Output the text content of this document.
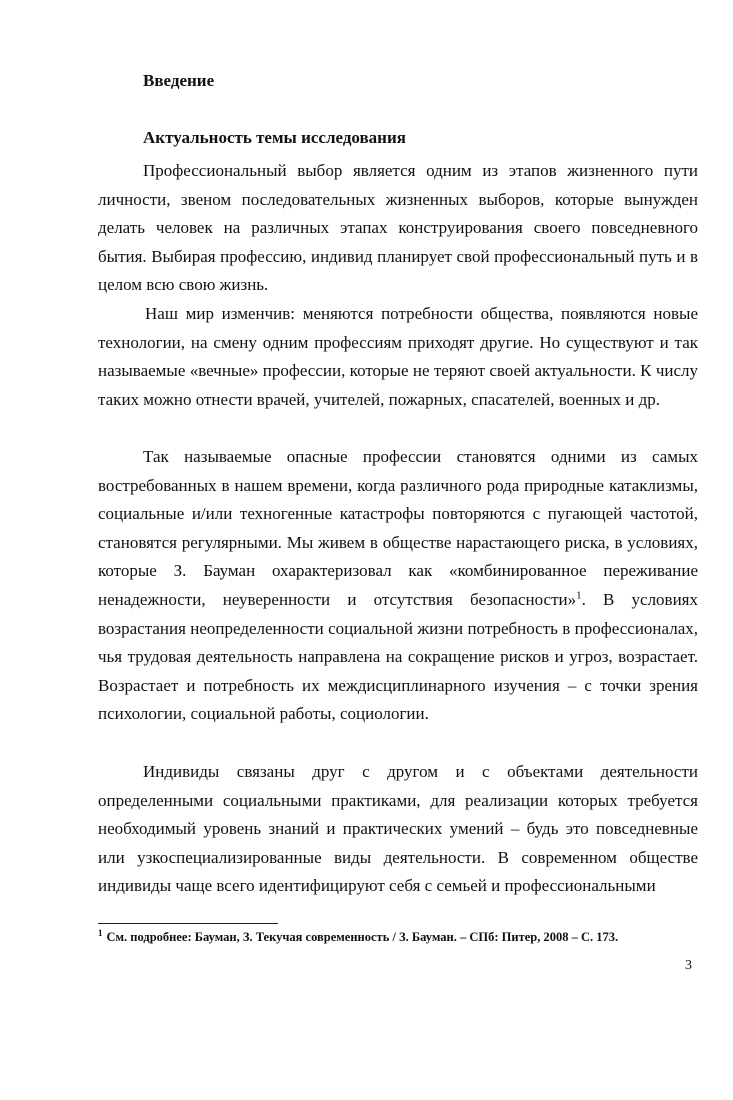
Введение
Актуальность темы исследования

Профессиональный выбор является одним из этапов жизненного пути личности, звеном последовательных жизненных выборов, которые вынужден делать человек на различных этапах конструирования своего повседневного бытия. Выбирая профессию, индивид планирует свой профессиональный путь и в целом всю свою жизнь.

Наш мир изменчив: меняются потребности общества, появляются новые технологии, на смену одним профессиям приходят другие. Но существуют и так называемые «вечные» профессии, которые не теряют своей актуальности. К числу таких можно отнести врачей, учителей, пожарных, спасателей, военных и др.

Так называемые опасные профессии становятся одними из самых востребованных в нашем времени, когда различного рода природные катаклизмы, социальные и/или техногенные катастрофы повторяются с пугающей частотой, становятся регулярными. Мы живем в обществе нарастающего риска, в условиях, которые З. Бауман охарактеризовал как «комбинированное переживание ненадежности, неуверенности и отсутствия безопасности»$^1$. В условиях возрастания неопределенности социальной жизни потребность в профессионалах, чья трудовая деятельность направлена на сокращение рисков и угроз, возрастает. Возрастает и потребность их междисциплинарного изучения – с точки зрения психологии, социальной работы, социологии.

Индивиды связаны друг с другом и с объектами деятельности определенными социальными практиками, для реализации которых требуется необходимый уровень знаний и практических умений – будь это повседневные или узкоспециализированные виды деятельности. В современном обществе индивиды чаще всего идентифицируют себя с семьей и профессиональными

$^1$ См. подробнее: Бауман, З. Текучая современность / З. Бауман. – СПб: Питер, 2008 – С. 173.

3
